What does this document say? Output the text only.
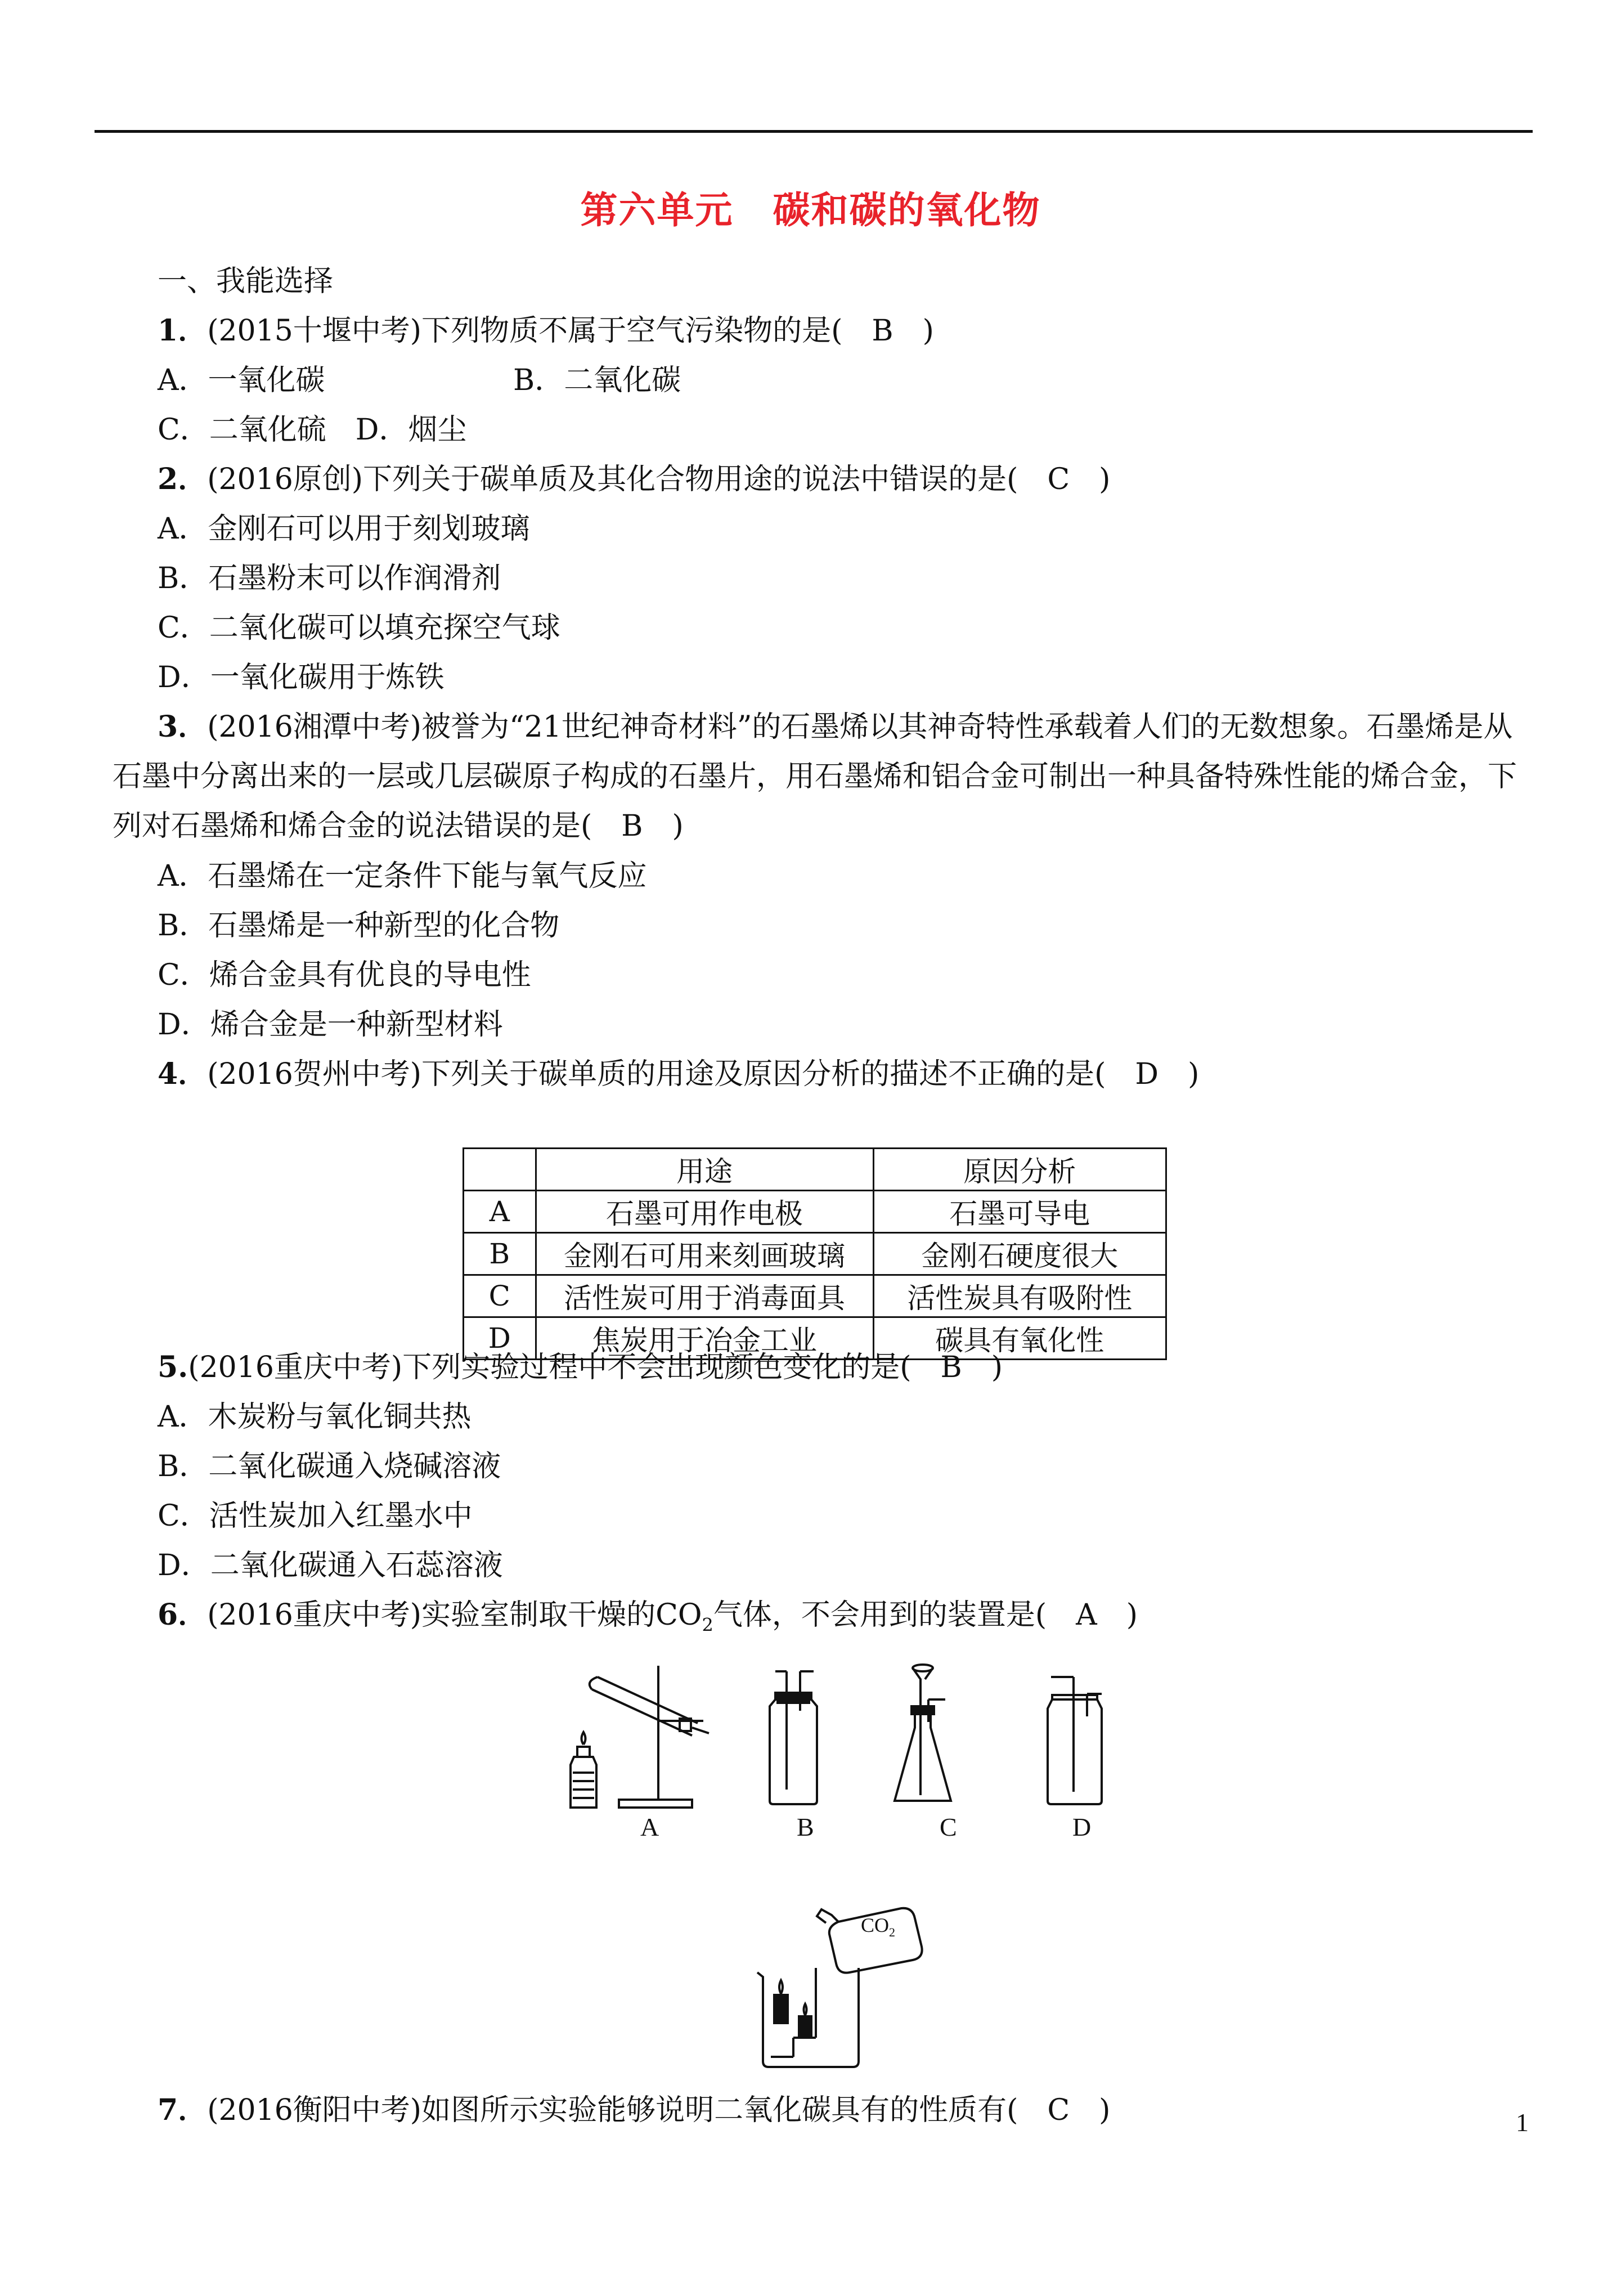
第六单元 碳和碳的氧化物
一、我能选择
1．(2015十堰中考)下列物质不属于空气污染物的是(　B　)
A．一氧化碳	B．二氧化碳
C．二氧化硫　D．烟尘
2．(2016原创)下列关于碳单质及其化合物用途的说法中错误的是(　C　)
A．金刚石可以用于刻划玻璃
B．石墨粉末可以作润滑剂
C．二氧化碳可以填充探空气球
D．一氧化碳用于炼铁
3．(2016湘潭中考)被誉为“21世纪神奇材料”的石墨烯以其神奇特性承载着人们的无数想象。石墨烯是从石墨中分离出来的一层或几层碳原子构成的石墨片，用石墨烯和铝合金可制出一种具备特殊性能的烯合金，下列对石墨烯和烯合金的说法错误的是(　B　)
A．石墨烯在一定条件下能与氧气反应
B．石墨烯是一种新型的化合物
C．烯合金具有优良的导电性
D．烯合金是一种新型材料
4．(2016贺州中考)下列关于碳单质的用途及原因分析的描述不正确的是(　D　)
	用途	原因分析
A	石墨可用作电极	石墨可导电
B	金刚石可用来刻画玻璃	金刚石硬度很大
C	活性炭可用于消毒面具	活性炭具有吸附性
D	焦炭用于冶金工业	碳具有氧化性
5.(2016重庆中考)下列实验过程中不会出现颜色变化的是(　B　)
A．木炭粉与氧化铜共热
B．二氧化碳通入烧碱溶液
C．活性炭加入红墨水中
D．二氧化碳通入石蕊溶液
6．(2016重庆中考)实验室制取干燥的$CO_2$气体，不会用到的装置是(　A　)
A	B	C	D
$CO_2$
7．(2016衡阳中考)如图所示实验能够说明二氧化碳具有的性质有(　C　)	1
